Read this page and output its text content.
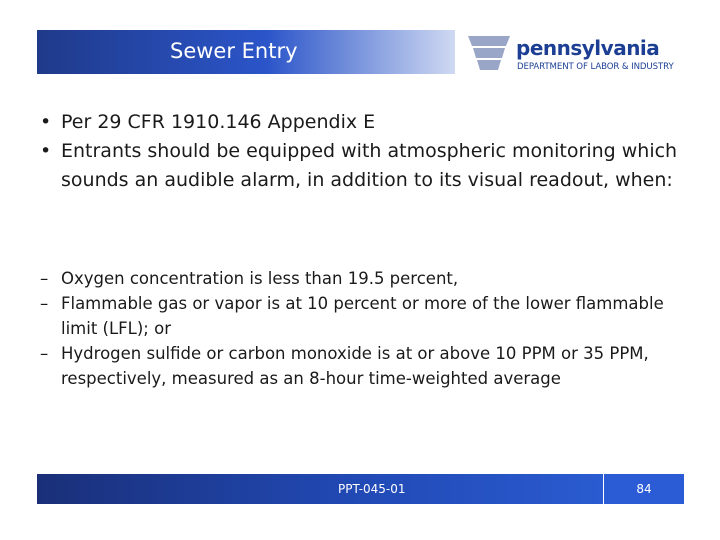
Sewer Entry	pennsylvania
DEPARTMENT OF LABOR & INDUSTRY
• Per 29 CFR 1910.146 Appendix E
• Entrants should be equipped with atmospheric monitoring which sounds an audible alarm, in addition to its visual readout, when:
– Oxygen concentration is less than 19.5 percent,
– Flammable gas or vapor is at 10 percent or more of the lower flammable limit (LFL); or
– Hydrogen sulfide or carbon monoxide is at or above 10 PPM or 35 PPM, respectively, measured as an 8-hour time-weighted average
PPT-045-01	84
